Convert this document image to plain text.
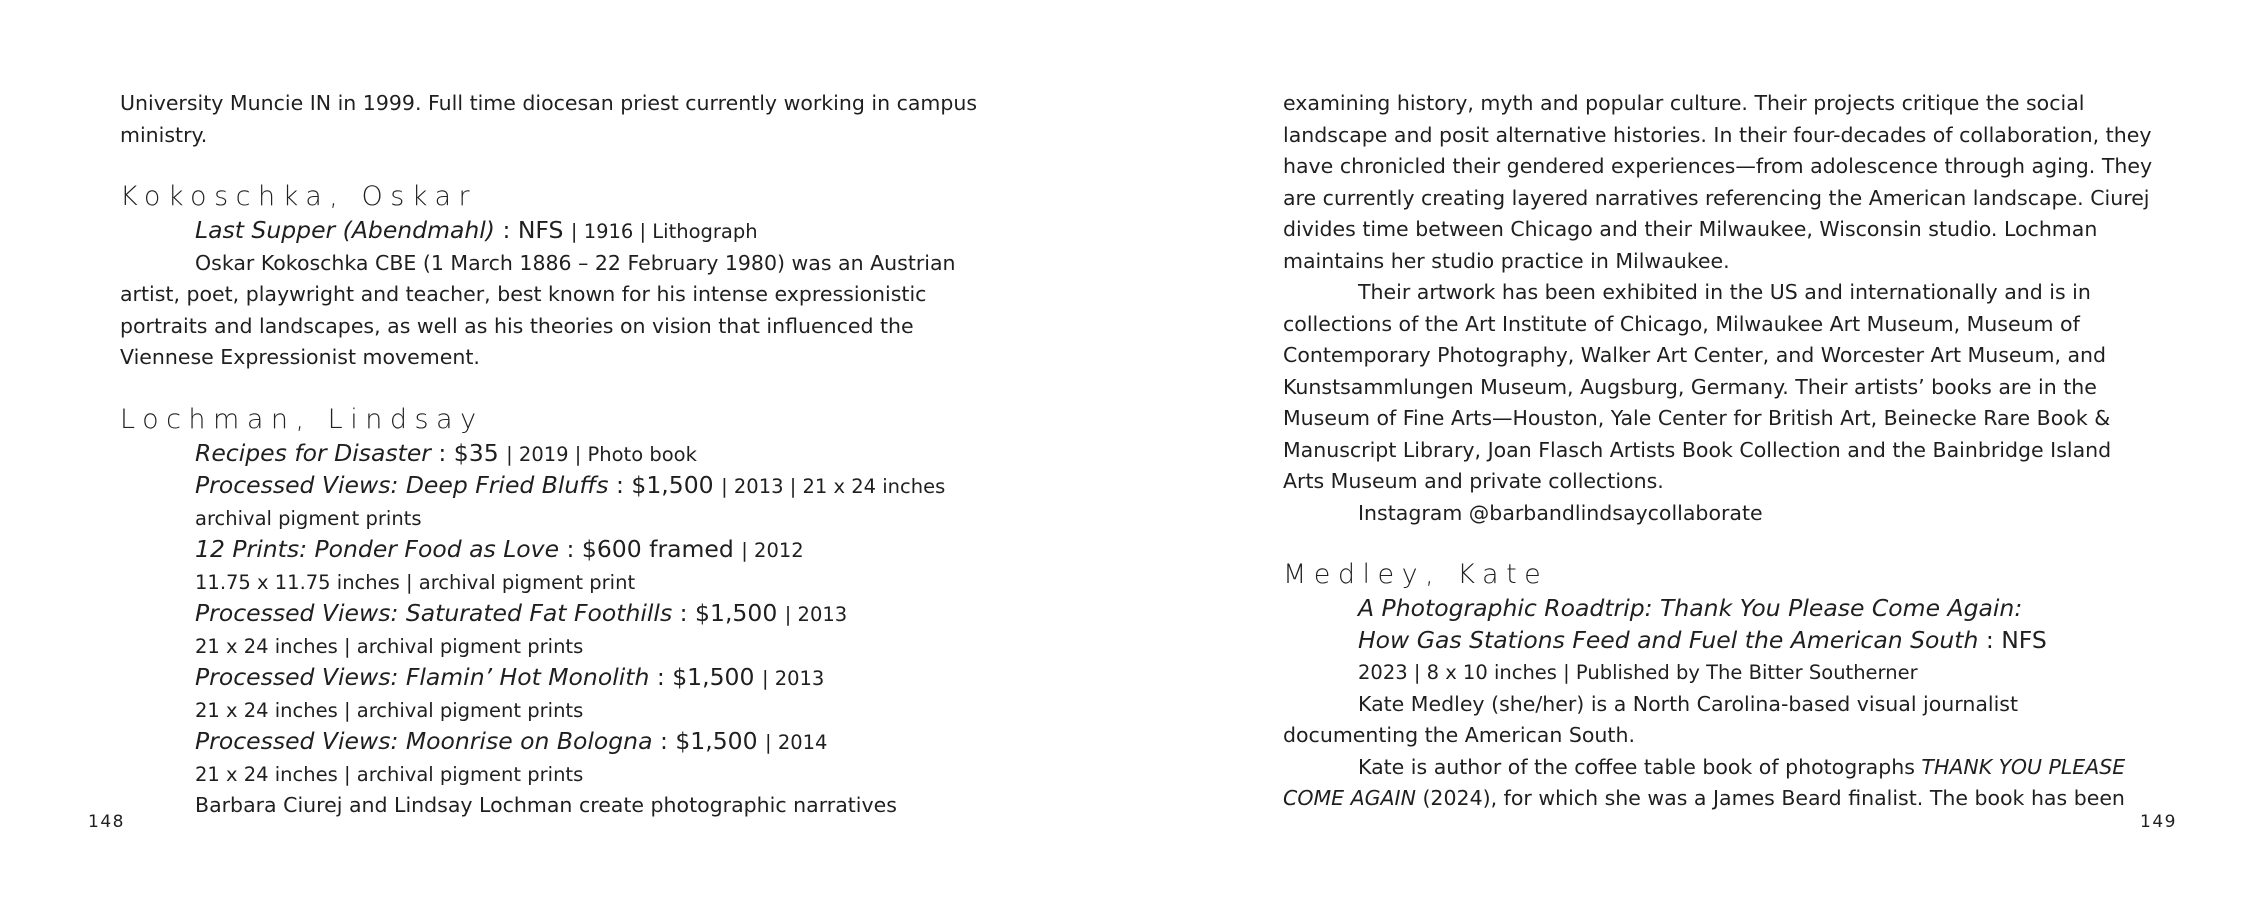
University Muncie IN in 1999. Full time diocesan priest currently working in campus ministry.

Kokoschka, Oskar

Last Supper (Abendmahl) : NFS | 1916 | Lithograph

Oskar Kokoschka CBE (1 March 1886 – 22 February 1980) was an Austrian artist, poet, playwright and teacher, best known for his intense expressionistic portraits and landscapes, as well as his theories on vision that influenced the Viennese Expressionist movement.

Lochman, Lindsay

Recipes for Disaster : $35 | 2019 | Photo book

Processed Views: Deep Fried Bluffs : $1,500 | 2013 | 21 x 24 inches

archival pigment prints

12 Prints: Ponder Food as Love : $600 framed | 2012

11.75 x 11.75 inches | archival pigment print

Processed Views: Saturated Fat Foothills : $1,500 | 2013

21 x 24 inches | archival pigment prints

Processed Views: Flamin’ Hot Monolith : $1,500 | 2013

21 x 24 inches | archival pigment prints

Processed Views: Moonrise on Bologna : $1,500 | 2014

21 x 24 inches | archival pigment prints

Barbara Ciurej and Lindsay Lochman create photographic narratives

148

examining history, myth and popular culture. Their projects critique the social landscape and posit alternative histories. In their four-decades of collaboration, they have chronicled their gendered experiences—from adolescence through aging. They are currently creating layered narratives referencing the American landscape. Ciurej divides time between Chicago and their Milwaukee, Wisconsin studio. Lochman maintains her studio practice in Milwaukee.

Their artwork has been exhibited in the US and internationally and is in collections of the Art Institute of Chicago, Milwaukee Art Museum, Museum of Contemporary Photography, Walker Art Center, and Worcester Art Museum, and Kunstsammlungen Museum, Augsburg, Germany. Their artists’ books are in the Museum of Fine Arts—Houston, Yale Center for British Art, Beinecke Rare Book & Manuscript Library, Joan Flasch Artists Book Collection and the Bainbridge Island Arts Museum and private collections.

Instagram @barbandlindsaycollaborate

Medley, Kate

A Photographic Roadtrip: Thank You Please Come Again:

How Gas Stations Feed and Fuel the American South : NFS

2023 | 8 x 10 inches | Published by The Bitter Southerner

Kate Medley (she/her) is a North Carolina-based visual journalist documenting the American South.

Kate is author of the coffee table book of photographs THANK YOU PLEASE COME AGAIN (2024), for which she was a James Beard finalist. The book has been

149
